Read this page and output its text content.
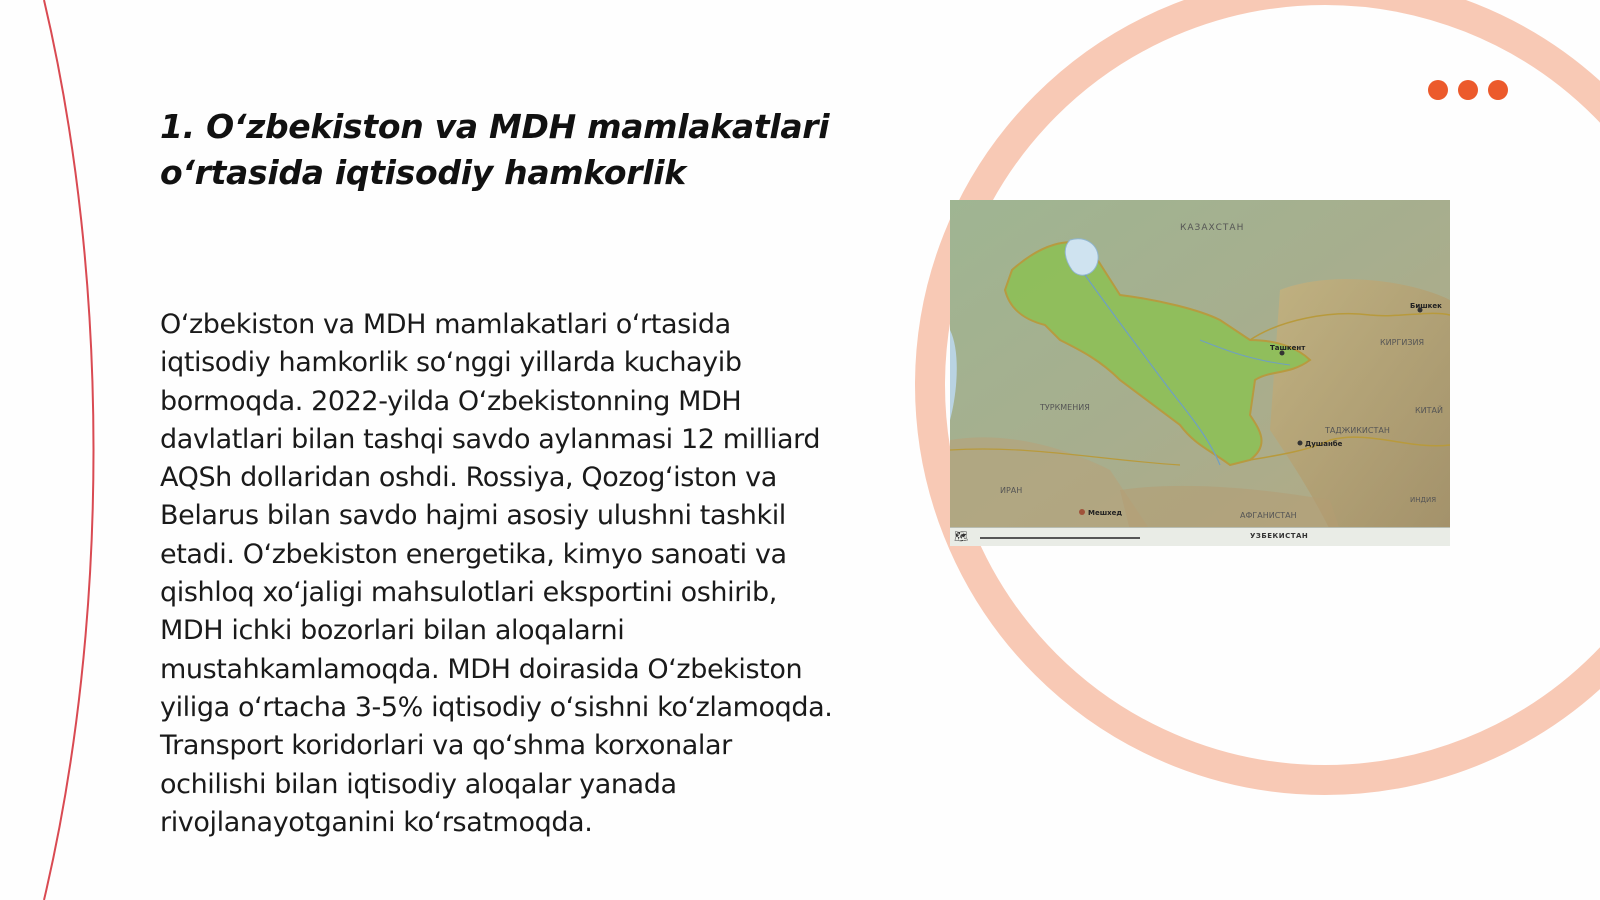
1. O‘zbekiston va MDH mamlakatlari o‘rtasida iqtisodiy hamkorlik

O‘zbekiston va MDH mamlakatlari o‘rtasida iqtisodiy hamkorlik so‘nggi yillarda kuchayib bormoqda. 2022-yilda O‘zbekistonning MDH davlatlari bilan tashqi savdo aylanmasi 12 milliard AQSh dollaridan oshdi. Rossiya, Qozog‘iston va Belarus bilan savdo hajmi asosiy ulushni tashkil etadi. O‘zbekiston energetika, kimyo sanoati va qishloq xo‘jaligi mahsulotlari eksportini oshirib, MDH ichki bozorlari bilan aloqalarni mustahkamlamoqda. MDH doirasida O‘zbekiston yiliga o‘rtacha 3-5% iqtisodiy o‘sishni ko‘zlamoqda. Transport koridorlari va qo‘shma korxonalar ochilishi bilan iqtisodiy aloqalar yanada rivojlanayotganini ko‘rsatmoqda.

КАЗАХСТАН
КИРГИЗИЯ
ТУРКМЕНИЯ
ТАДЖИКИСТАН
АФГАНИСТАН
ИРАН
КИТАЙ
ИНДИЯ
Ташкент
Бишкек
Душанбе
Мешхед
🗺	УЗБЕКИСТАН
